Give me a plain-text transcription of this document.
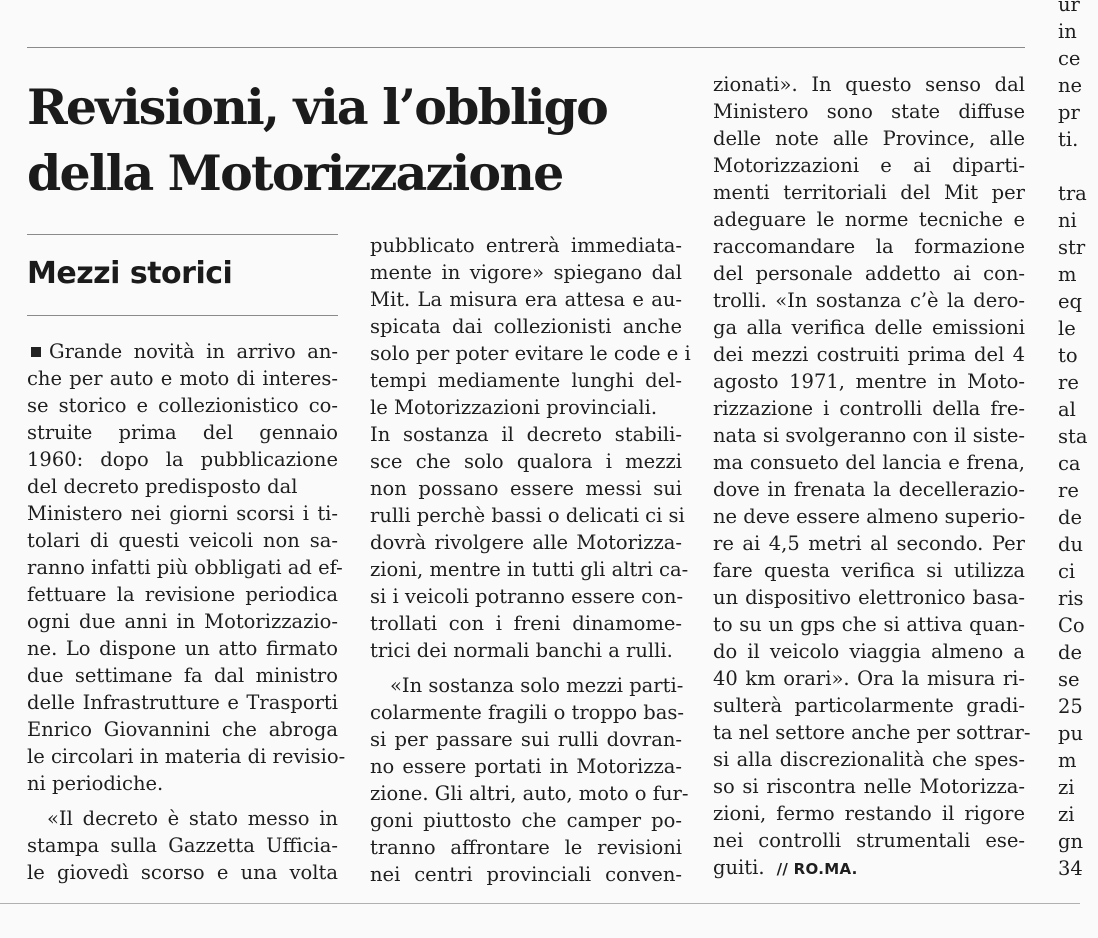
Revisioni, via l’obbligo
della Motorizzazione
Mezzi storici
Grande novità in arrivo an-
che per auto e moto di interes-
se storico e collezionistico co-
struite prima del gennaio
1960: dopo la pubblicazione
del decreto predisposto dal
Ministero nei giorni scorsi i ti-
tolari di questi veicoli non sa-
ranno infatti più obbligati ad ef-
fettuare la revisione periodica
ogni due anni in Motorizzazio-
ne. Lo dispone un atto firmato
due settimane fa dal ministro
delle Infrastrutture e Trasporti
Enrico Giovannini che abroga
le circolari in materia di revisio-
ni periodiche.
«Il decreto è stato messo in
stampa sulla Gazzetta Ufficia-
le giovedì scorso e una volta
pubblicato entrerà immediata-
mente in vigore» spiegano dal
Mit. La misura era attesa e au-
spicata dai collezionisti anche
solo per poter evitare le code e i
tempi mediamente lunghi del-
le Motorizzazioni provinciali.
In sostanza il decreto stabili-
sce che solo qualora i mezzi
non possano essere messi sui
rulli perchè bassi o delicati ci si
dovrà rivolgere alle Motorizza-
zioni, mentre in tutti gli altri ca-
si i veicoli potranno essere con-
trollati con i freni dinamome-
trici dei normali banchi a rulli.
«In sostanza solo mezzi parti-
colarmente fragili o troppo bas-
si per passare sui rulli dovran-
no essere portati in Motorizza-
zione. Gli altri, auto, moto o fur-
goni piuttosto che camper po-
tranno affrontare le revisioni
nei centri provinciali conven-
zionati». In questo senso dal
Ministero sono state diffuse
delle note alle Province, alle
Motorizzazioni e ai diparti-
menti territoriali del Mit per
adeguare le norme tecniche e
raccomandare la formazione
del personale addetto ai con-
trolli. «In sostanza c’è la dero-
ga alla verifica delle emissioni
dei mezzi costruiti prima del 4
agosto 1971, mentre in Moto-
rizzazione i controlli della fre-
nata si svolgeranno con il siste-
ma consueto del lancia e frena,
dove in frenata la decellerazio-
ne deve essere almeno superio-
re ai 4,5 metri al secondo. Per
fare questa verifica si utilizza
un dispositivo elettronico basa-
to su un gps che si attiva quan-
do il veicolo viaggia almeno a
40 km orari». Ora la misura ri-
sulterà particolarmente gradi-
ta nel settore anche per sottrar-
si alla discrezionalità che spes-
so si riscontra nelle Motorizza-
zioni, fermo restando il rigore
nei controlli strumentali ese-
guiti. // RO.MA.
ur
in
ce
ne
pr
ti.
tra
ni
str
m
eq
le
to
re
al
sta
ca
re
de
du
ci
ris
Co
de
se
25
pu
m
zi
zi
gn
34
